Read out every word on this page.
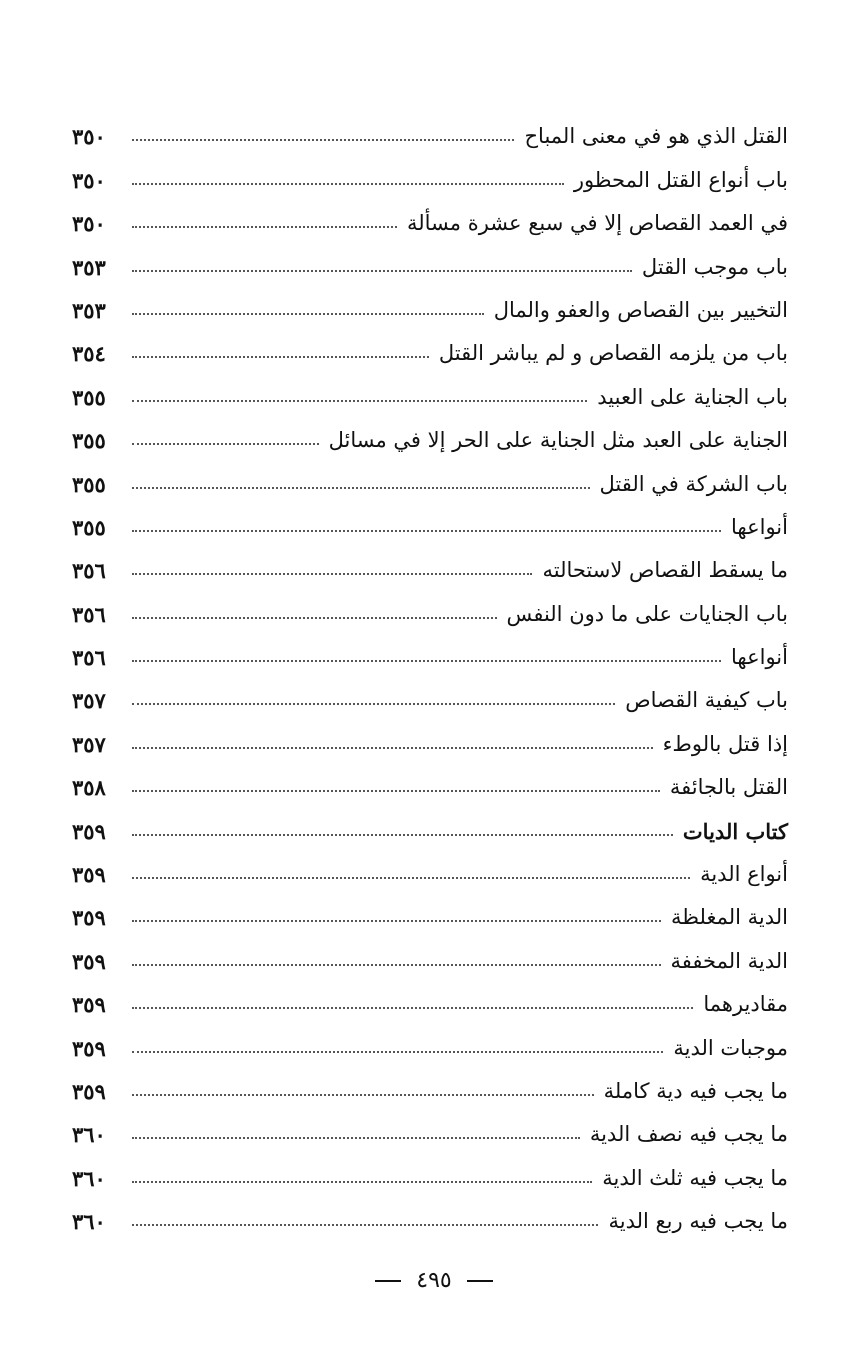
القتل الذي هو في معنى المباح
٣٥٠
باب أنواع القتل المحظور
٣٥٠
في العمد القصاص إلا في سبع عشرة مسألة
٣٥٠
باب موجب القتل
٣٥٣
التخيير بين القصاص والعفو والمال
٣٥٣
باب من يلزمه القصاص و لم يباشر القتل
٣٥٤
باب الجناية على العبيد
٣٥٥
الجناية على العبد مثل الجناية على الحر إلا في مسائل
٣٥٥
باب الشركة في القتل
٣٥٥
أنواعها
٣٥٥
ما يسقط القصاص لاستحالته
٣٥٦
باب الجنايات على ما دون النفس
٣٥٦
أنواعها
٣٥٦
باب كيفية القصاص
٣٥٧
إذا قتل بالوطء
٣٥٧
القتل بالجائفة
٣٥٨
كتاب الديات
٣٥٩
أنواع الدية
٣٥٩
الدية المغلظة
٣٥٩
الدية المخففة
٣٥٩
مقاديرهما
٣٥٩
موجبات الدية
٣٥٩
ما يجب فيه دية كاملة
٣٥٩
ما يجب فيه نصف الدية
٣٦٠
ما يجب فيه ثلث الدية
٣٦٠
ما يجب فيه ربع الدية
٣٦٠
٤٩٥
